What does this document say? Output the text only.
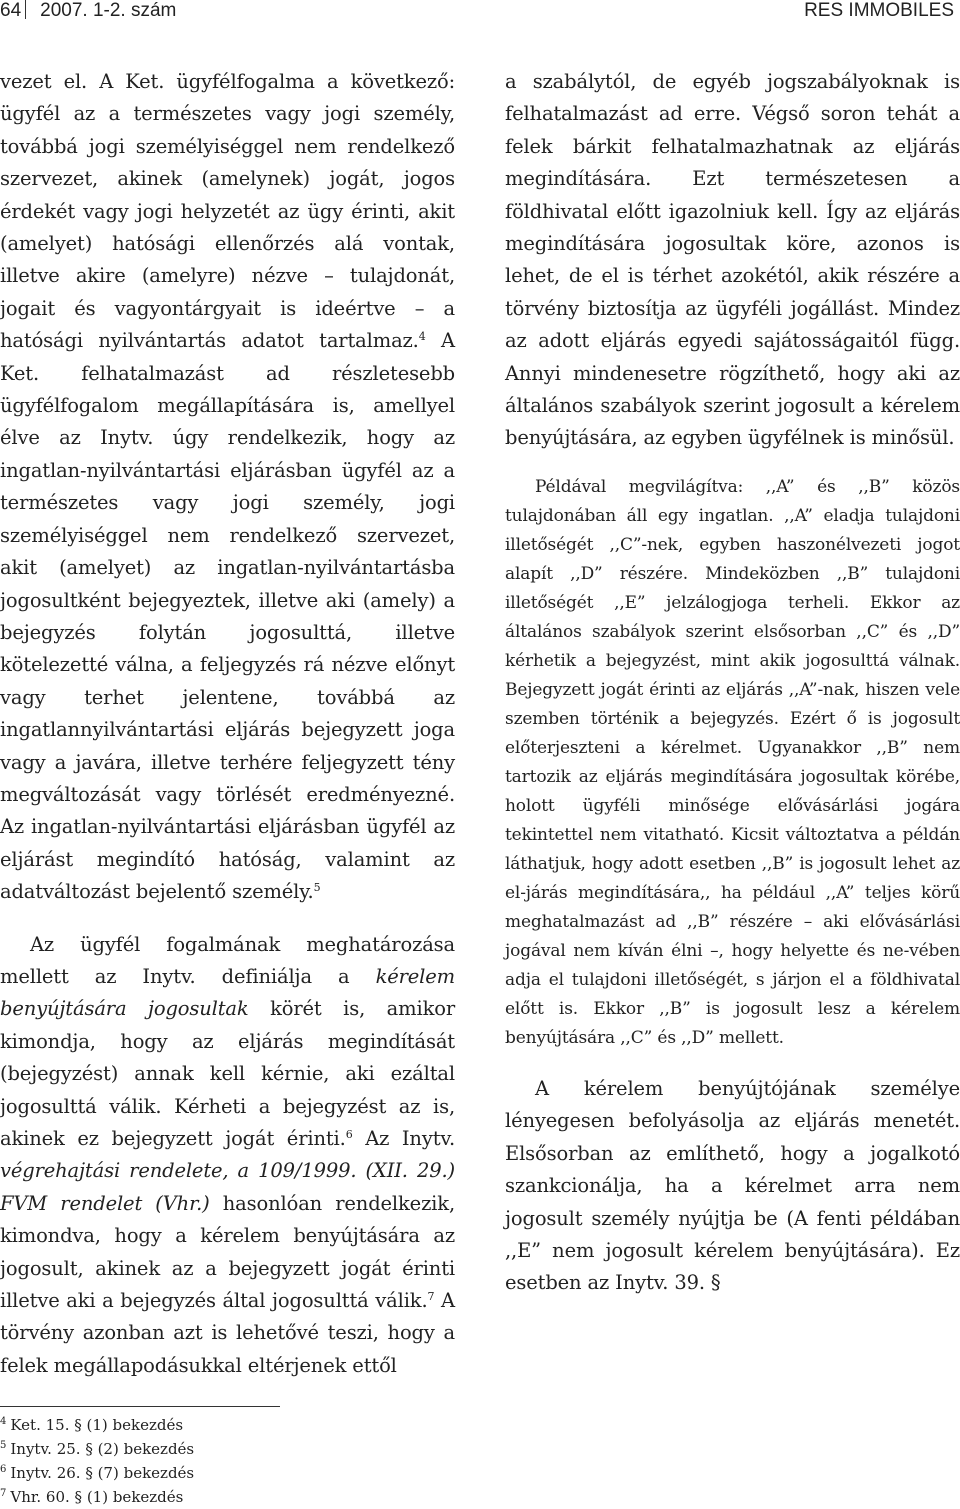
64 2007. 1-2. szám	RES IMMOBILES

vezet el. A Ket. ügyfélfogalma a következő: ügyfél az a természetes vagy jogi személy, továbbá jogi személyiséggel nem rendelkező szervezet, akinek (amelynek) jogát, jogos érdekét vagy jogi helyzetét az ügy érinti, akit (amelyet) hatósági ellenőrzés alá vontak, illetve akire (amelyre) nézve – tulajdonát, jogait és vagyontárgyait is ideértve – a hatósági nyilvántartás adatot tartalmaz.$^4$ A Ket. felhatalmazást ad részletesebb ügyfélfogalom megállapítására is, amellyel élve az Inytv. úgy rendelkezik, hogy az ingatlan-nyilvántartási eljárásban ügyfél az a természetes vagy jogi személy, jogi személyiséggel nem rendelkező szervezet, akit (amelyet) az ingatlan-nyilvántartásba jogosultként bejegyeztek, illetve aki (amely) a bejegyzés folytán jogosulttá, illetve kötelezetté válna, a feljegyzés rá nézve előnyt vagy terhet jelentene, továbbá az ingatlannyilvántartási eljárás bejegyzett joga vagy a javára, illetve terhére feljegyzett tény megváltozását vagy törlését eredményezné. Az ingatlan-nyilvántartási eljárásban ügyfél az eljárást megindító hatóság, valamint az adatváltozást bejelentő személy.$^5$

Az ügyfél fogalmának meghatározása mellett az Inytv. definiálja a kérelem benyújtására jogosultak körét is, amikor kimondja, hogy az eljárás megindítását (bejegyzést) annak kell kérnie, aki ezáltal jogosulttá válik. Kérheti a bejegyzést az is, akinek ez bejegyzett jogát érinti.$^6$ Az Inytv. végrehajtási rendelete, a 109/1999. (XII. 29.) FVM rendelet (Vhr.) hasonlóan rendelkezik, kimondva, hogy a kérelem benyújtására az jogosult, akinek az a bejegyzett jogát érinti illetve aki a bejegyzés által jogosulttá válik.$^7$ A törvény azonban azt is lehetővé teszi, hogy a felek megállapodásukkal eltérjenek ettől

a szabálytól, de egyéb jogszabályoknak is felhatalmazást ad erre. Végső soron tehát a felek bárkit felhatalmazhatnak az eljárás megindítására. Ezt természetesen a földhivatal előtt igazolniuk kell. Így az eljárás megindítására jogosultak köre, azonos is lehet, de el is térhet azokétól, akik részére a törvény biztosítja az ügyféli jogállást. Mindez az adott eljárás egyedi sajátosságaitól függ. Annyi mindenesetre rögzíthető, hogy aki az általános szabályok szerint jogosult a kérelem benyújtására, az egyben ügyfélnek is minősül.

Példával megvilágítva: ,,A” és ,,B” közös tulajdonában áll egy ingatlan. ,,A” eladja tulajdoni illetőségét ,,C”-nek, egyben haszonélvezeti jogot alapít ,,D” részére. Mindeközben ,,B” tulajdoni illetőségét ,,E” jelzálogjoga terheli. Ekkor az általános szabályok szerint elsősorban ,,C” és ,,D” kérhetik a bejegyzést, mint akik jogosulttá válnak. Bejegyzett jogát érinti az eljárás ,,A”-nak, hiszen vele szemben történik a bejegyzés. Ezért ő is jogosult előterjeszteni a kérelmet. Ugyanakkor ,,B” nem tartozik az eljárás megindítására jogosultak körébe, holott ügyféli minősége elővásárlási jogára tekintettel nem vitatható. Kicsit változtatva a példán láthatjuk, hogy adott esetben ,,B” is jogosult lehet az el-járás megindítására,, ha például ,,A” teljes körű meghatalmazást ad ,,B” részére – aki elővásárlási jogával nem kíván élni –, hogy helyette és ne-vében adja el tulajdoni illetőségét, s járjon el a földhivatal előtt is. Ekkor ,,B” is jogosult lesz a kérelem benyújtására ,,C” és ,,D” mellett.

A kérelem benyújtójának személye lényegesen befolyásolja az eljárás menetét. Elsősorban az említhető, hogy a jogalkotó szankcionálja, ha a kérelmet arra nem jogosult személy nyújtja be (A fenti példában ,,E” nem jogosult kérelem benyújtására). Ez esetben az Inytv. 39. §

$^4$ Ket. 15. § (1) bekezdés
$^5$ Inytv. 25. § (2) bekezdés
$^6$ Inytv. 26. § (7) bekezdés
$^7$ Vhr. 60. § (1) bekezdés
